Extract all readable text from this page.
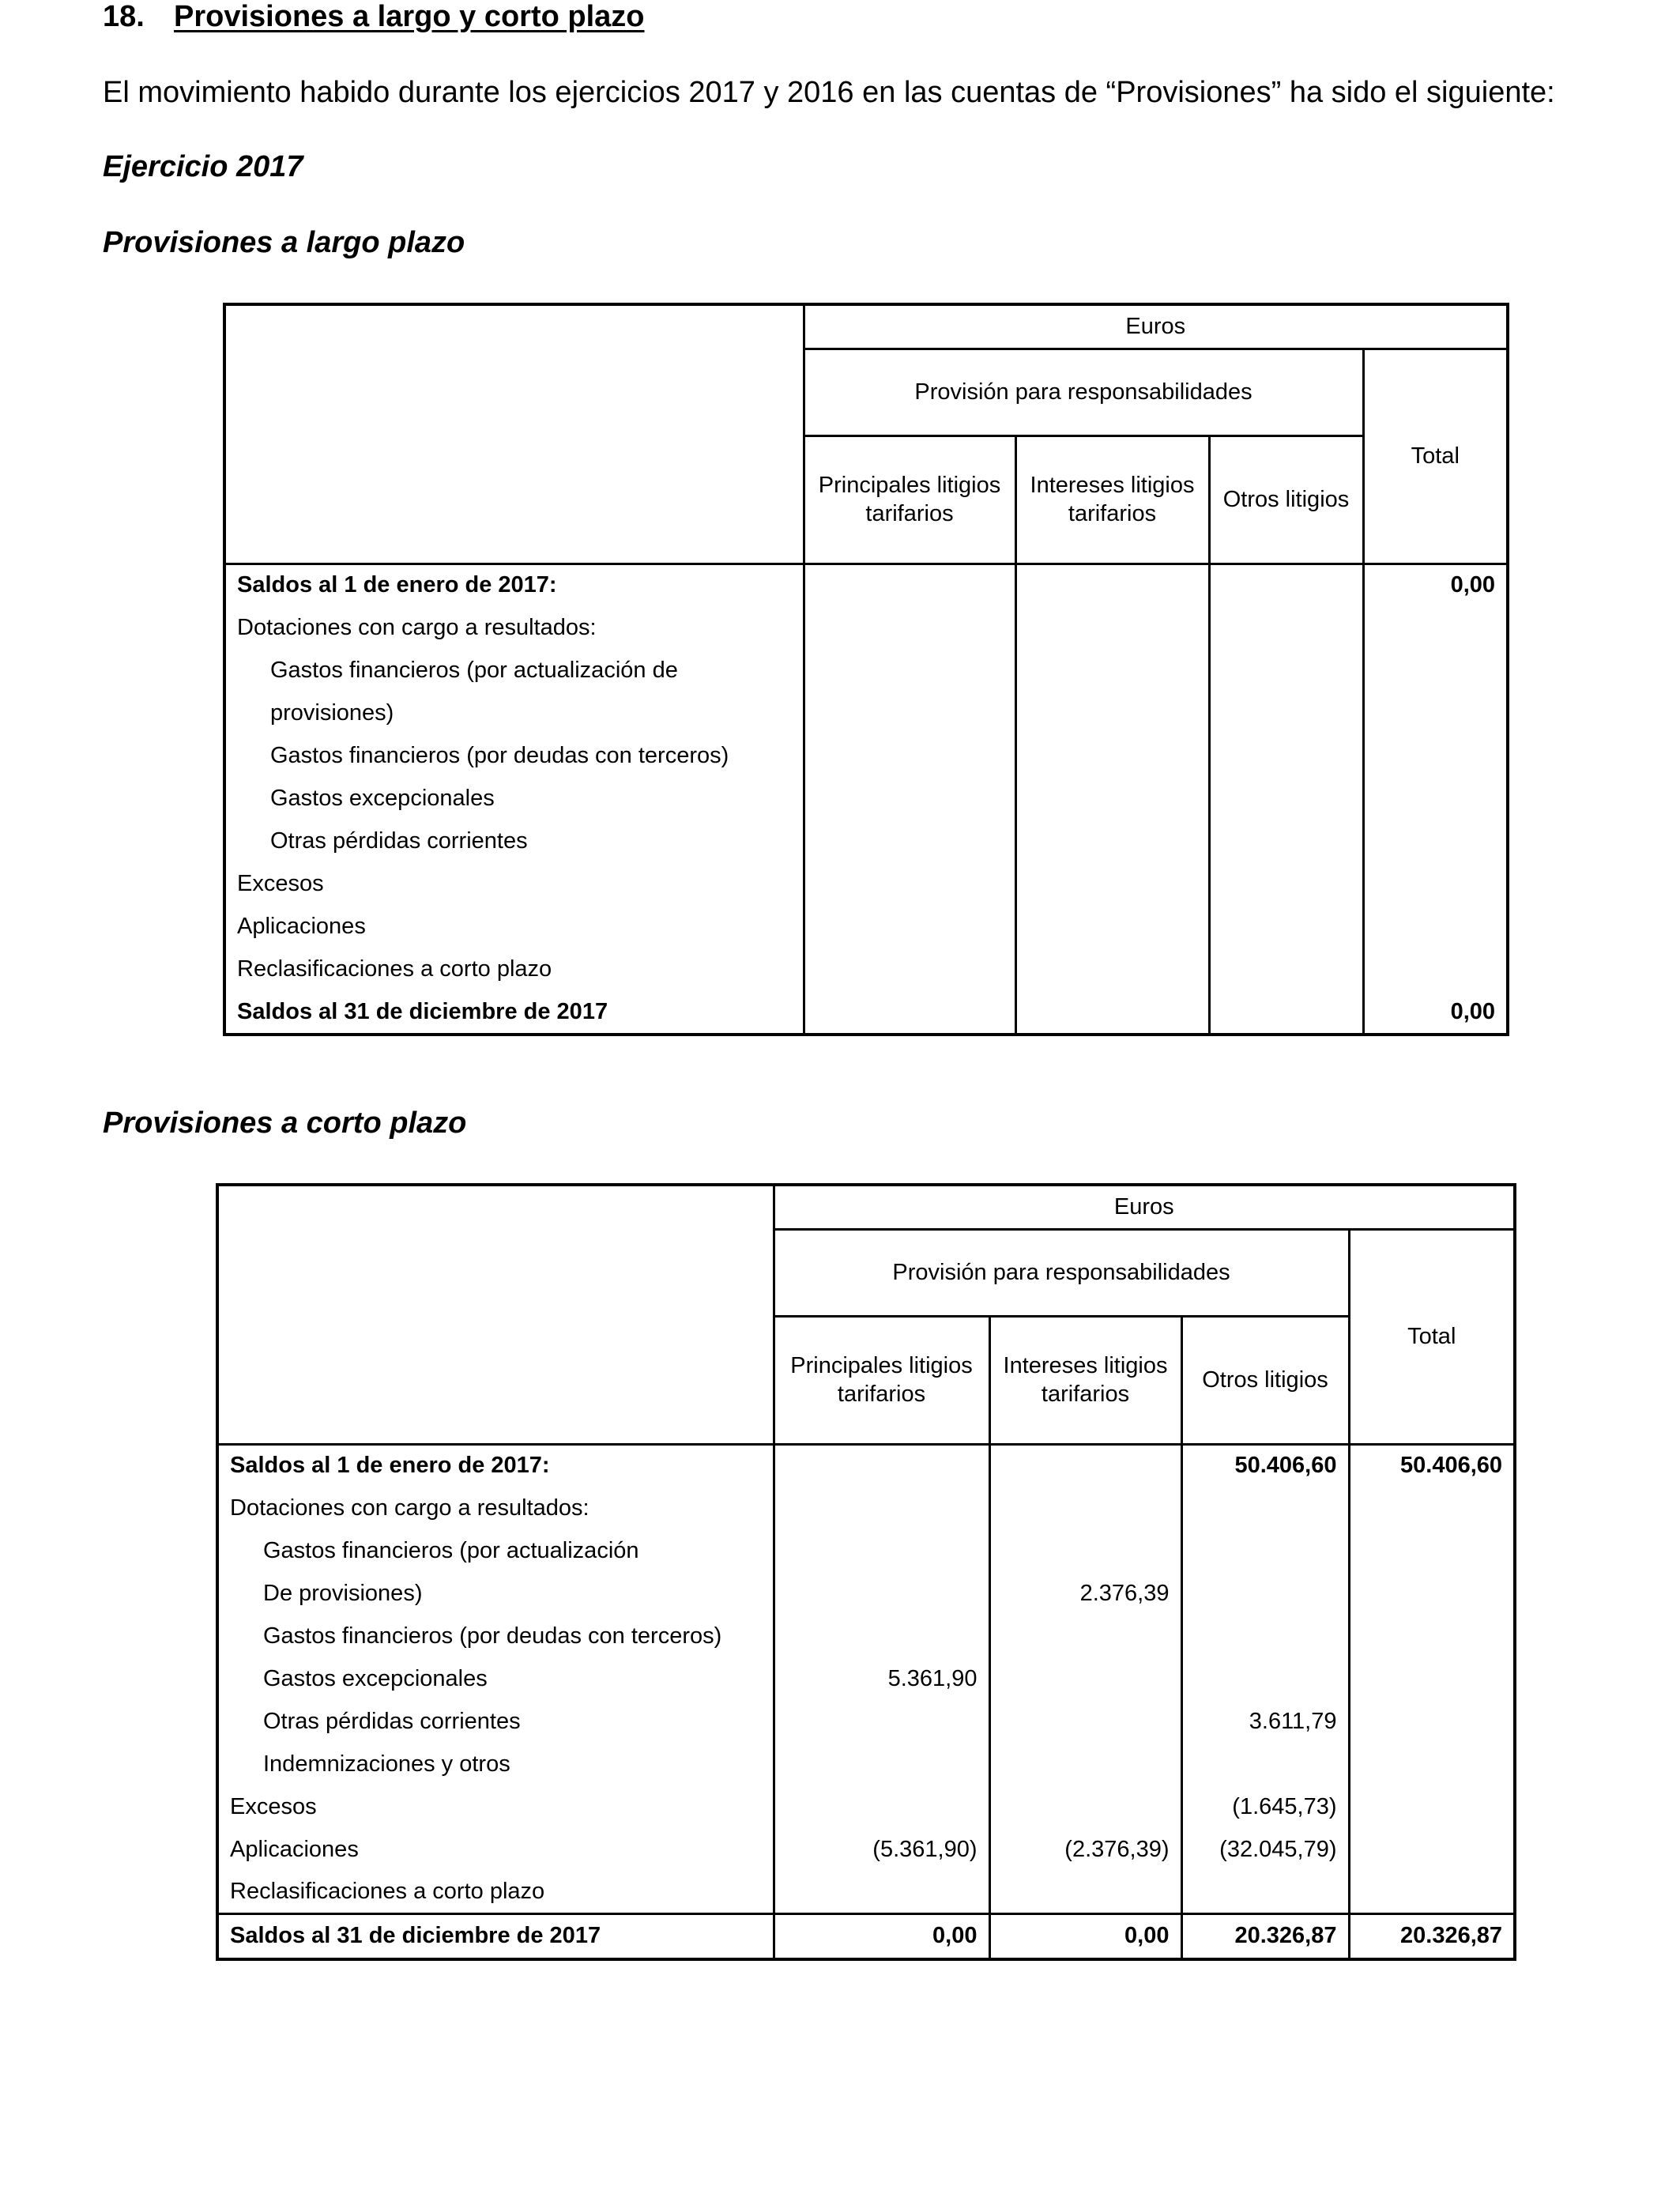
18. Provisiones a largo y corto plazo
El movimiento habido durante los ejercicios 2017 y 2016 en las cuentas de “Provisiones” ha sido el siguiente:
Ejercicio 2017
Provisiones a largo plazo
	Euros			
	Provisión para responsabilidades			Total
	Principales litigios tarifarios	Intereses litigios tarifarios	Otros litigios	
Saldos al 1 de enero de 2017:				0,00
Dotaciones con cargo a resultados:				
Gastos financieros (por actualización de				
provisiones)				
Gastos financieros (por deudas con terceros)				
Gastos excepcionales				
Otras pérdidas corrientes				
Excesos				
Aplicaciones				
Reclasificaciones a corto plazo				
Saldos al 31 de diciembre de 2017				0,00
Provisiones a corto plazo
	Euros			
	Provisión para responsabilidades			Total
	Principales litigios tarifarios	Intereses litigios tarifarios	Otros litigios	
Saldos al 1 de enero de 2017:			50.406,60	50.406,60
Dotaciones con cargo a resultados:				
Gastos financieros (por actualización				
De provisiones)		2.376,39		
Gastos financieros (por deudas con terceros)				
Gastos excepcionales	5.361,90			
Otras pérdidas corrientes			3.611,79	
Indemnizaciones y otros				
Excesos			(1.645,73)	
Aplicaciones	(5.361,90)	(2.376,39)	(32.045,79)	
Reclasificaciones a corto plazo				
Saldos al 31 de diciembre de 2017	0,00	0,00	20.326,87	20.326,87
